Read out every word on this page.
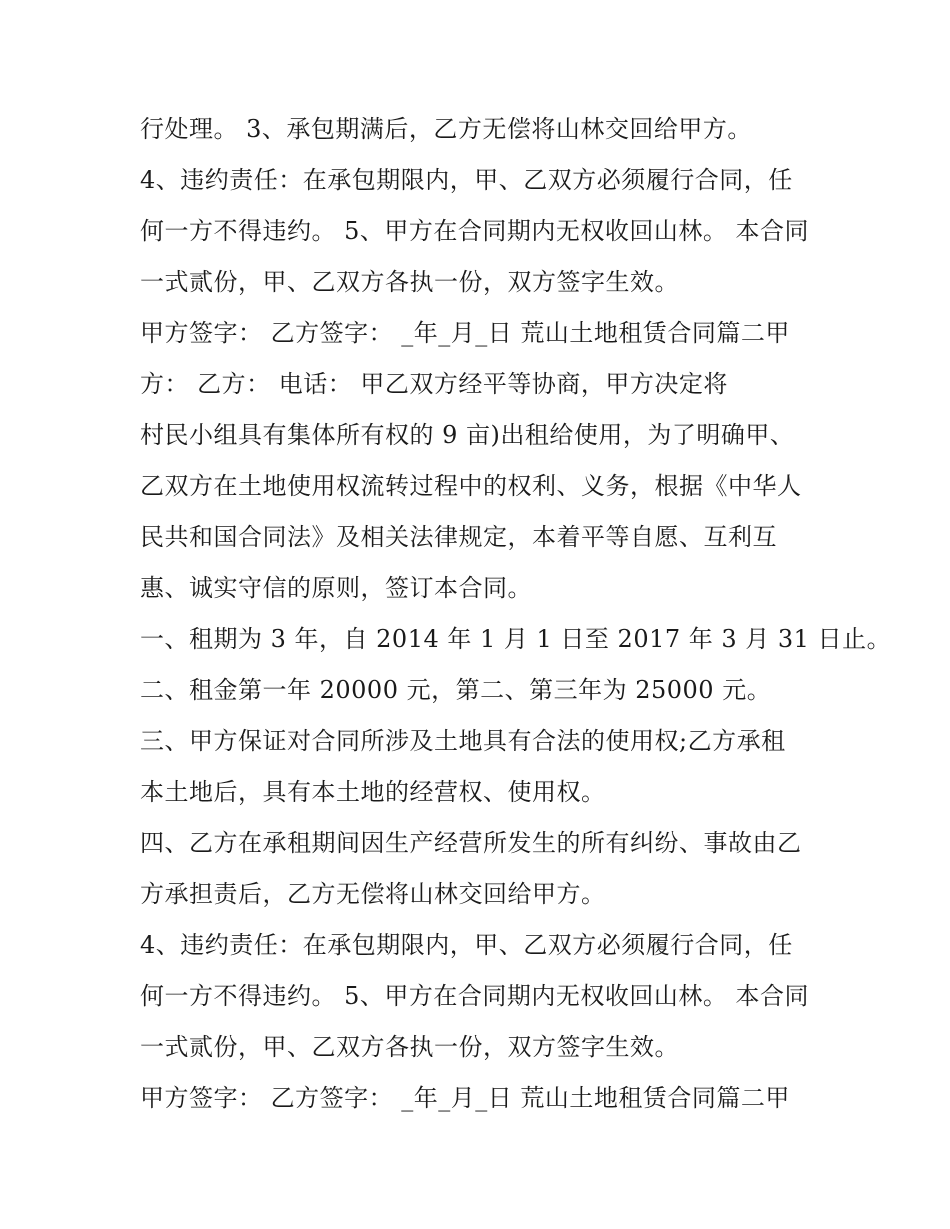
行处理。 3、承包期满后，乙方无偿将山林交回给甲方。
4、违约责任：在承包期限内，甲、乙双方必须履行合同，任
何一方不得违约。 5、甲方在合同期内无权收回山林。 本合同
一式贰份，甲、乙双方各执一份，双方签字生效。
甲方签字： 乙方签字： _年_月_日 荒山土地租赁合同篇二甲
方： 乙方： 电话： 甲乙双方经平等协商，甲方决定将
村民小组具有集体所有权的 9 亩)出租给使用，为了明确甲、
乙双方在土地使用权流转过程中的权利、义务，根据《中华人
民共和国合同法》及相关法律规定，本着平等自愿、互利互
惠、诚实守信的原则，签订本合同。
一、租期为 3 年，自 2014 年 1 月 1 日至 2017 年 3 月 31 日止。
二、租金第一年 20000 元，第二、第三年为 25000 元。
三、甲方保证对合同所涉及土地具有合法的使用权;乙方承租
本土地后，具有本土地的经营权、使用权。
四、乙方在承租期间因生产经营所发生的所有纠纷、事故由乙
方承担责后，乙方无偿将山林交回给甲方。
4、违约责任：在承包期限内，甲、乙双方必须履行合同，任
何一方不得违约。 5、甲方在合同期内无权收回山林。 本合同
一式贰份，甲、乙双方各执一份，双方签字生效。
甲方签字： 乙方签字： _年_月_日 荒山土地租赁合同篇二甲
